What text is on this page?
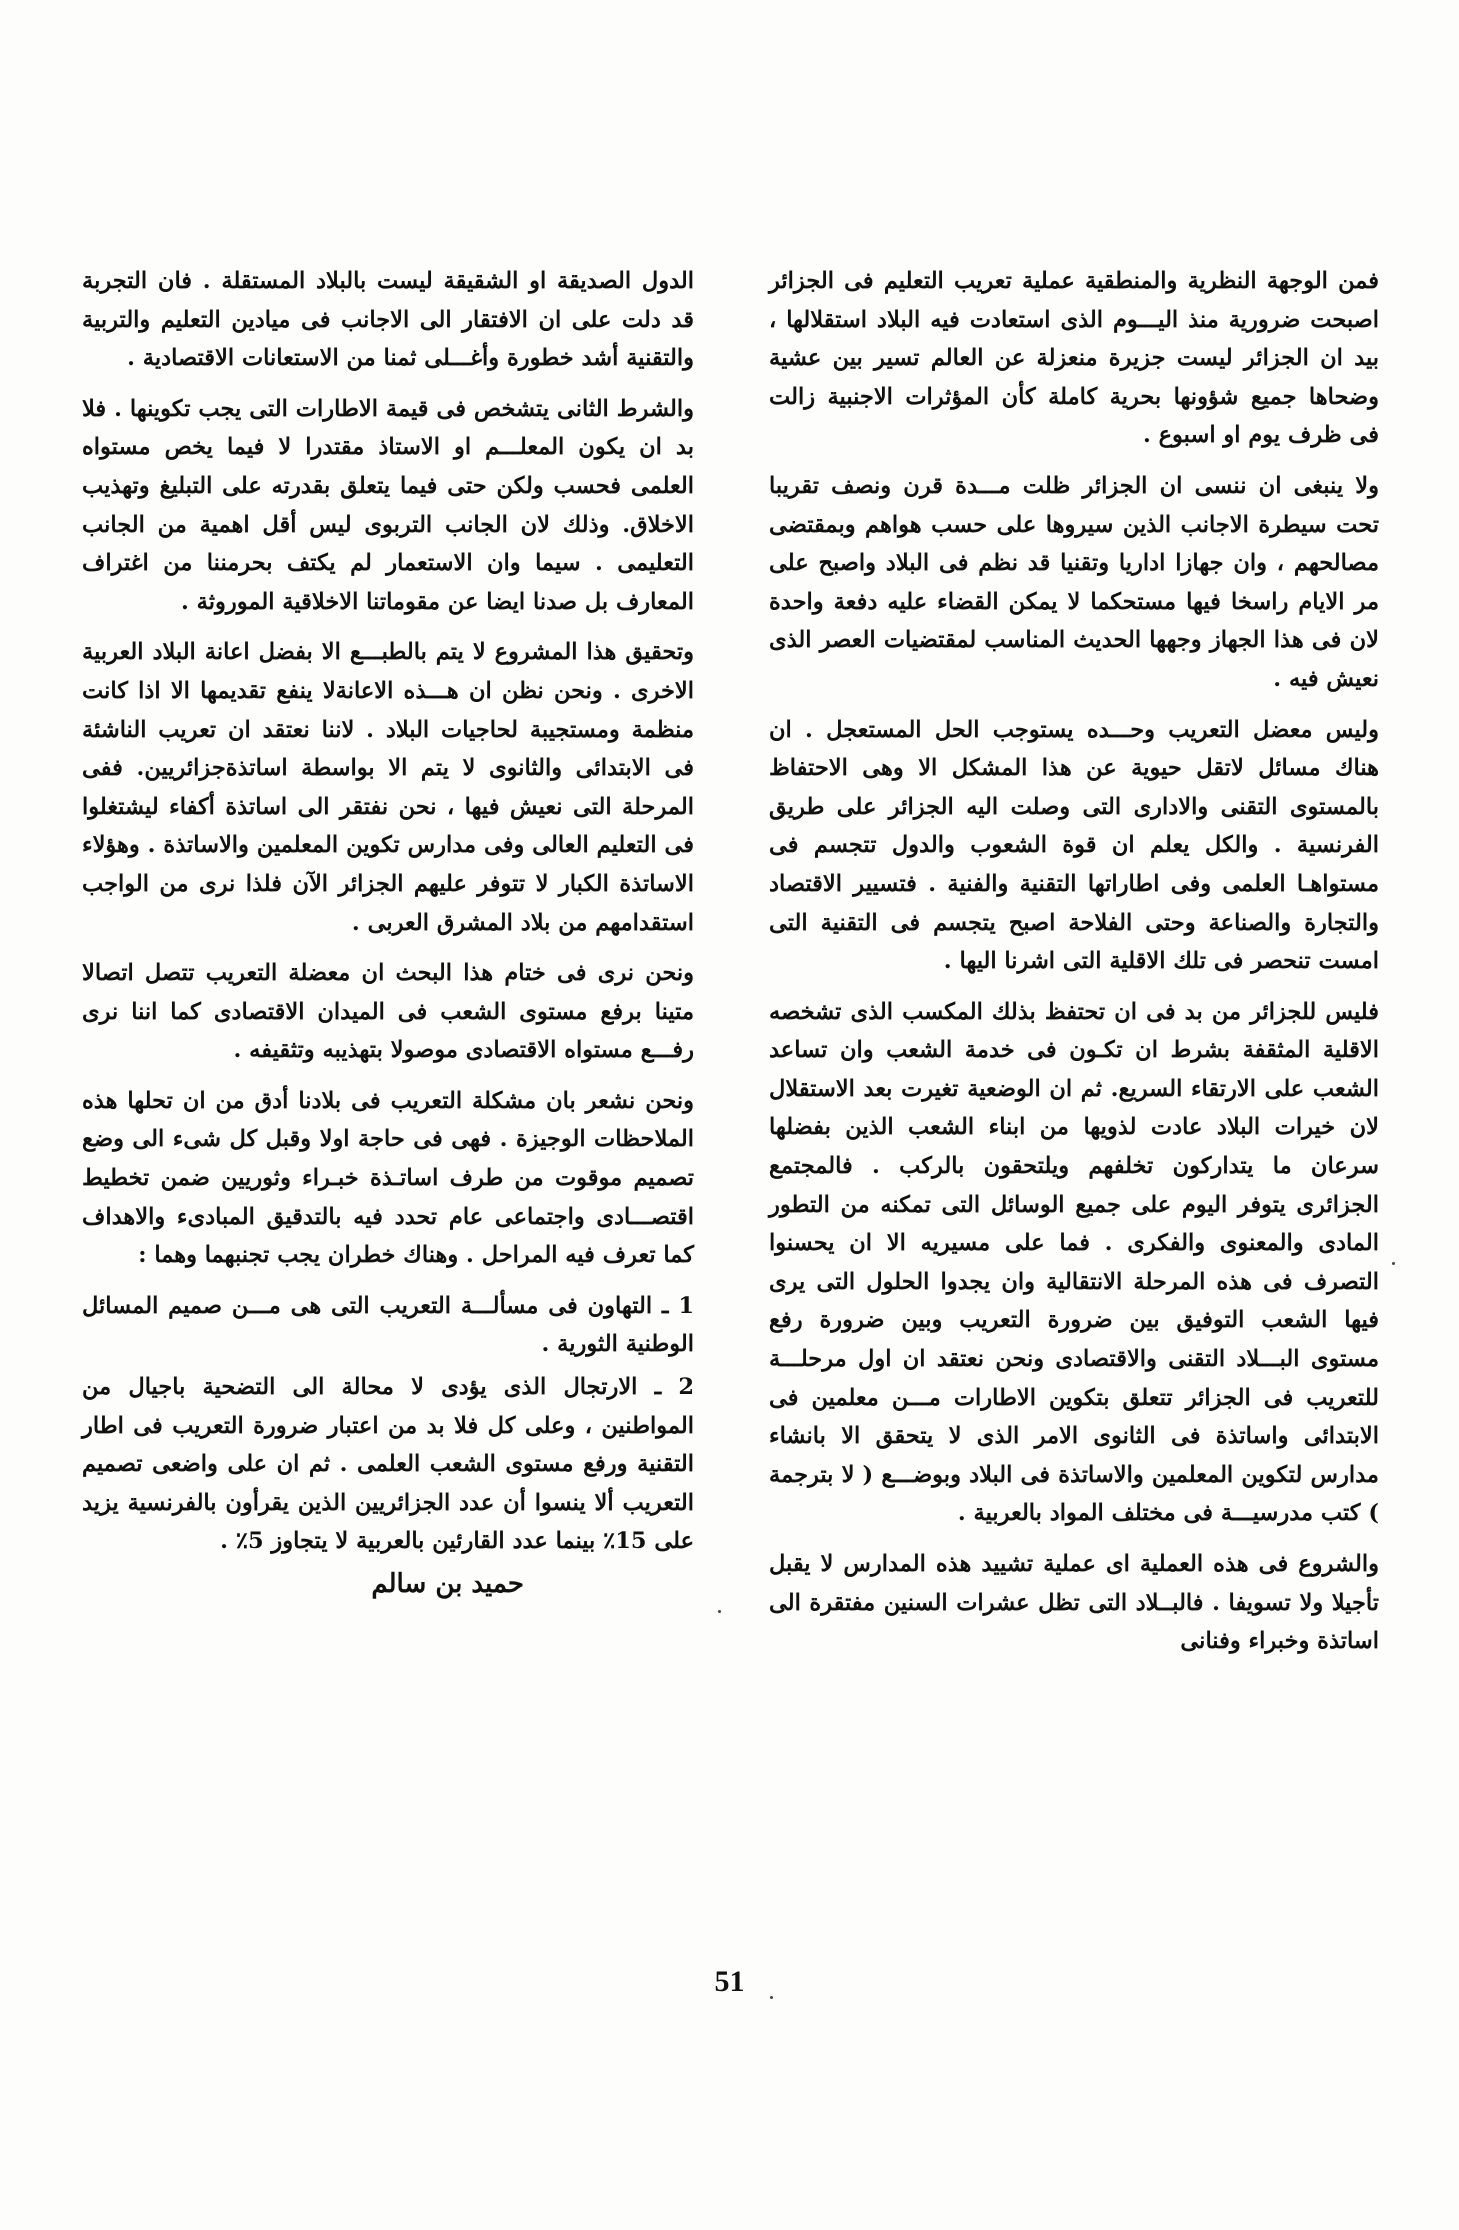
فمن الوجهة النظرية والمنطقية عملية تعريب التعليم فى الجزائر اصبحت ضرورية منذ اليـــوم الذى استعادت فيه البلاد استقلالها ، بيد ان الجزائر ليست جزيرة منعزلة عن العالم تسير بين عشية وضحاها جميع شؤونها بحرية كاملة كأن المؤثرات الاجنبية زالت فى ظرف يوم او اسبوع .

ولا ينبغى ان ننسى ان الجزائر ظلت مـــدة قرن ونصف تقريبا تحت سيطرة الاجانب الذين سيروها على حسب هواهم وبمقتضى مصالحهم ، وان جهازا اداريا وتقنيا قد نظم فى البلاد واصبح على مر الايام راسخا فيها مستحكما لا يمكن القضاء عليه دفعة واحدة لان فى هذا الجهاز وجهها الحديث المناسب لمقتضيات العصر الذى نعيش فيه .

وليس معضل التعريب وحـــده يستوجب الحل المستعجل . ان هناك مسائل لاتقل حيوية عن هذا المشكل الا وهى الاحتفاظ بالمستوى التقنى والادارى التى وصلت اليه الجزائر على طريق الفرنسية . والكل يعلم ان قوة الشعوب والدول تتجسم فى مستواهـا العلمى وفى اطاراتها التقنية والفنية . فتسيير الاقتصاد والتجارة والصناعة وحتى الفلاحة اصبح يتجسم فى التقنية التى امست تنحصر فى تلك الاقلية التى اشرنا اليها .

فليس للجزائر من بد فى ان تحتفظ بذلك المكسب الذى تشخصه الاقلية المثقفة بشرط ان تكـون فى خدمة الشعب وان تساعد الشعب على الارتقاء السريع. ثم ان الوضعية تغيرت بعد الاستقلال لان خيرات البلاد عادت لذويها من ابناء الشعب الذين بفضلها سرعان ما يتداركون تخلفهم ويلتحقون بالركب . فالمجتمع الجزائرى يتوفر اليوم على جميع الوسائل التى تمكنه من التطور المادى والمعنوى والفكرى . فما على مسيريه الا ان يحسنوا التصرف فى هذه المرحلة الانتقالية وان يجدوا الحلول التى يرى فيها الشعب التوفيق بين ضرورة التعريب وبين ضرورة رفع مستوى البـــلاد التقنى والاقتصادى ونحن نعتقد ان اول مرحلـــة للتعريب فى الجزائر تتعلق بتكوين الاطارات مـــن معلمين فى الابتدائى واساتذة فى الثانوى الامر الذى لا يتحقق الا بانشاء مدارس لتكوين المعلمين والاساتذة فى البلاد وبوضـــع ( لا بترجمة ) كتب مدرسيـــة فى مختلف المواد بالعربية .

والشروع فى هذه العملية اى عملية تشييد هذه المدارس لا يقبل تأجيلا ولا تسويفا . فالبــلاد التى تظل عشرات السنين مفتقرة الى اساتذة وخبراء وفنانى

الدول الصديقة او الشقيقة ليست بالبلاد المستقلة . فان التجربة قد دلت على ان الافتقار الى الاجانب فى ميادين التعليم والتربية والتقنية أشد خطورة وأغـــلى ثمنا من الاستعانات الاقتصادية .

والشرط الثانى يتشخص فى قيمة الاطارات التى يجب تكوينها . فلا بد ان يكون المعلـــم او الاستاذ مقتدرا لا فيما يخص مستواه العلمى فحسب ولكن حتى فيما يتعلق بقدرته على التبليغ وتهذيب الاخلاق. وذلك لان الجانب التربوى ليس أقل اهمية من الجانب التعليمى . سيما وان الاستعمار لم يكتف بحرمننا من اغتراف المعارف بل صدنا ايضا عن مقوماتنا الاخلاقية الموروثة .

وتحقيق هذا المشروع لا يتم بالطبـــع الا بفضل اعانة البلاد العربية الاخرى . ونحن نظن ان هـــذه الاعانةلا ينفع تقديمها الا اذا كانت منظمة ومستجيبة لحاجيات البلاد . لاننا نعتقد ان تعريب الناشئة فى الابتدائى والثانوى لا يتم الا بواسطة اساتذةجزائريين. ففى المرحلة التى نعيش فيها ، نحن نفتقر الى اساتذة أكفاء ليشتغلوا فى التعليم العالى وفى مدارس تكوين المعلمين والاساتذة . وهؤلاء الاساتذة الكبار لا تتوفر عليهم الجزائر الآن فلذا نرى من الواجب استقدامهم من بلاد المشرق العربى .

ونحن نرى فى ختام هذا البحث ان معضلة التعريب تتصل اتصالا متينا برفع مستوى الشعب فى الميدان الاقتصادى كما اننا نرى رفـــع مستواه الاقتصادى موصولا بتهذيبه وتثقيفه .

ونحن نشعر بان مشكلة التعريب فى بلادنا أدق من ان تحلها هذه الملاحظات الوجيزة . فهى فى حاجة اولا وقبل كل شىء الى وضع تصميم موقوت من طرف اساتـذة خبـراء وثوريين ضمن تخطيط اقتصـــادى واجتماعى عام تحدد فيه بالتدقيق المبادىء والاهداف كما تعرف فيه المراحل . وهناك خطران يجب تجنبهما وهما :

1 ـ التهاون فى مسألـــة التعريب التى هى مـــن صميم المسائل الوطنية الثورية .

2 ـ الارتجال الذى يؤدى لا محالة الى التضحية باجيال من المواطنين ، وعلى كل فلا بد من اعتبار ضرورة التعريب فى اطار التقنية ورفع مستوى الشعب العلمى . ثم ان على واضعى تصميم التعريب ألا ينسوا أن عدد الجزائريين الذين يقرأون بالفرنسية يزيد على 15٪ بينما عدد القارئين بالعربية لا يتجاوز 5٪ .

حميد بن سالم
51
